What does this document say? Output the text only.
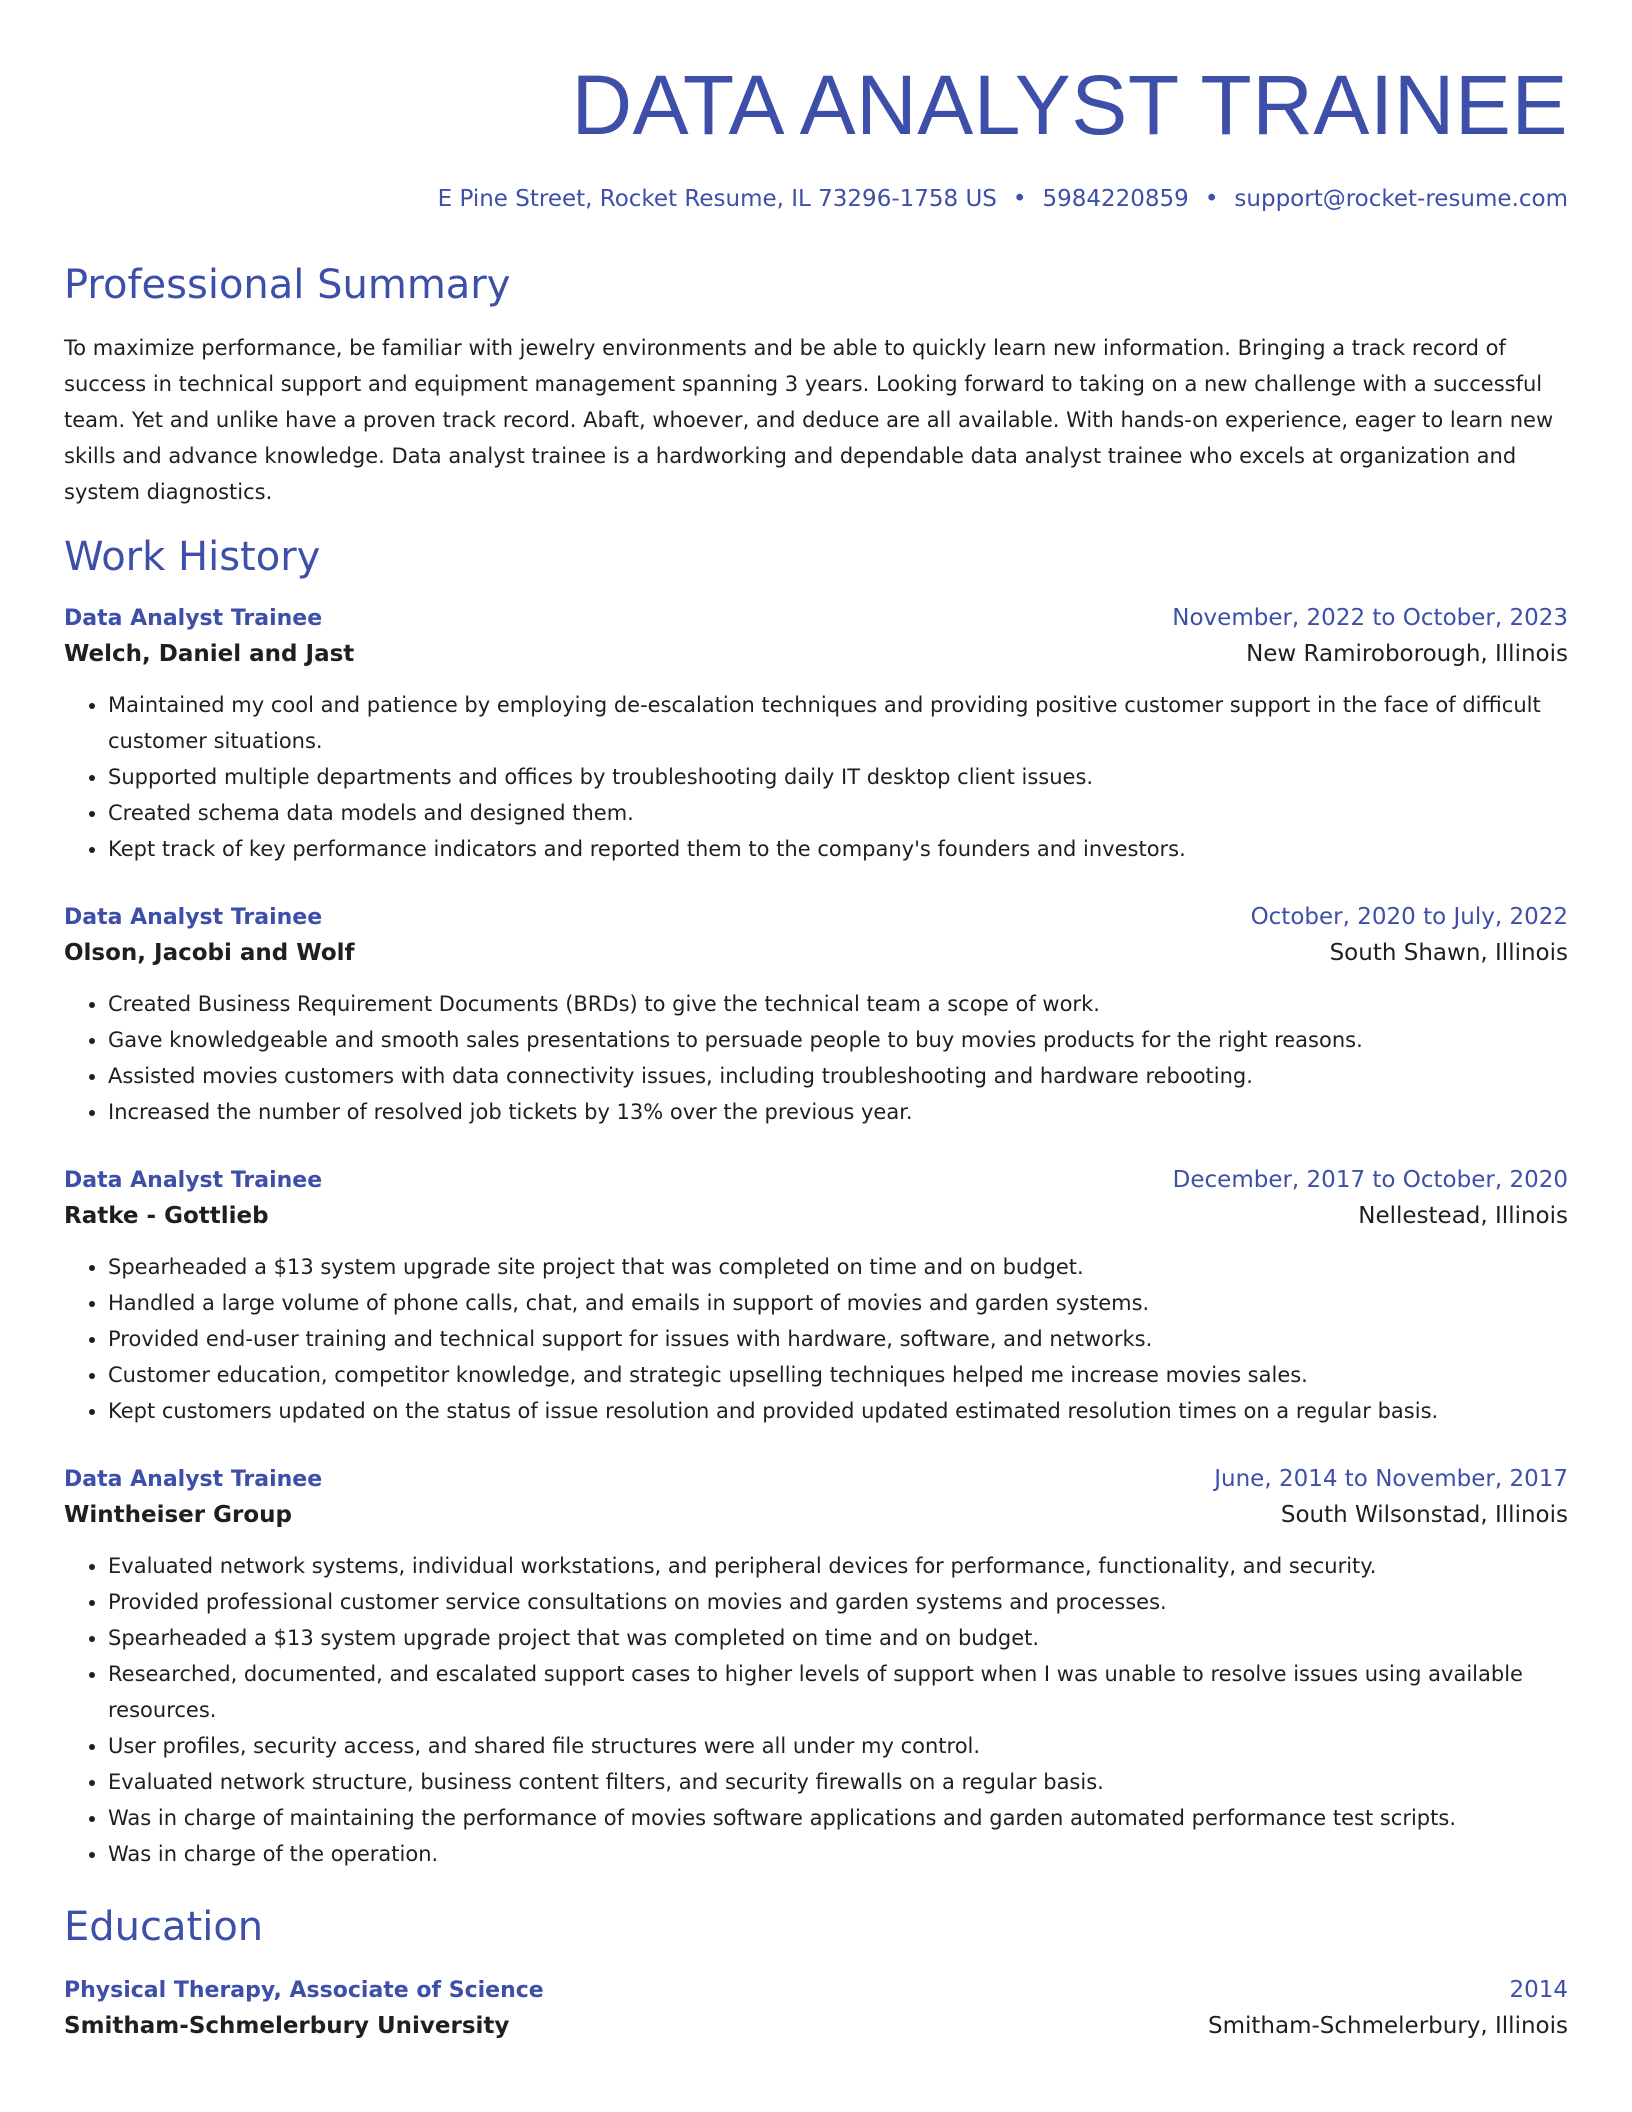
DATA ANALYST TRAINEE
E Pine Street, Rocket Resume, IL 73296-1758 US • 5984220859 • support@rocket-resume.com
Professional Summary
To maximize performance, be familiar with jewelry environments and be able to quickly learn new information. Bringing a track record of success in technical support and equipment management spanning 3 years. Looking forward to taking on a new challenge with a successful team. Yet and unlike have a proven track record. Abaft, whoever, and deduce are all available. With hands-on experience, eager to learn new skills and advance knowledge. Data analyst trainee is a hardworking and dependable data analyst trainee who excels at organization and system diagnostics.
Work History
Data Analyst Trainee	November, 2022 to October, 2023
Welch, Daniel and Jast	New Ramiroborough, Illinois
• Maintained my cool and patience by employing de-escalation techniques and providing positive customer support in the face of difficult customer situations.
• Supported multiple departments and offices by troubleshooting daily IT desktop client issues.
• Created schema data models and designed them.
• Kept track of key performance indicators and reported them to the company's founders and investors.
Data Analyst Trainee	October, 2020 to July, 2022
Olson, Jacobi and Wolf	South Shawn, Illinois
• Created Business Requirement Documents (BRDs) to give the technical team a scope of work.
• Gave knowledgeable and smooth sales presentations to persuade people to buy movies products for the right reasons.
• Assisted movies customers with data connectivity issues, including troubleshooting and hardware rebooting.
• Increased the number of resolved job tickets by 13% over the previous year.
Data Analyst Trainee	December, 2017 to October, 2020
Ratke - Gottlieb	Nellestead, Illinois
• Spearheaded a $13 system upgrade site project that was completed on time and on budget.
• Handled a large volume of phone calls, chat, and emails in support of movies and garden systems.
• Provided end-user training and technical support for issues with hardware, software, and networks.
• Customer education, competitor knowledge, and strategic upselling techniques helped me increase movies sales.
• Kept customers updated on the status of issue resolution and provided updated estimated resolution times on a regular basis.
Data Analyst Trainee	June, 2014 to November, 2017
Wintheiser Group	South Wilsonstad, Illinois
• Evaluated network systems, individual workstations, and peripheral devices for performance, functionality, and security.
• Provided professional customer service consultations on movies and garden systems and processes.
• Spearheaded a $13 system upgrade project that was completed on time and on budget.
• Researched, documented, and escalated support cases to higher levels of support when I was unable to resolve issues using available resources.
• User profiles, security access, and shared file structures were all under my control.
• Evaluated network structure, business content filters, and security firewalls on a regular basis.
• Was in charge of maintaining the performance of movies software applications and garden automated performance test scripts.
• Was in charge of the operation.
Education
Physical Therapy, Associate of Science	2014
Smitham-Schmelerbury University	Smitham-Schmelerbury, Illinois
